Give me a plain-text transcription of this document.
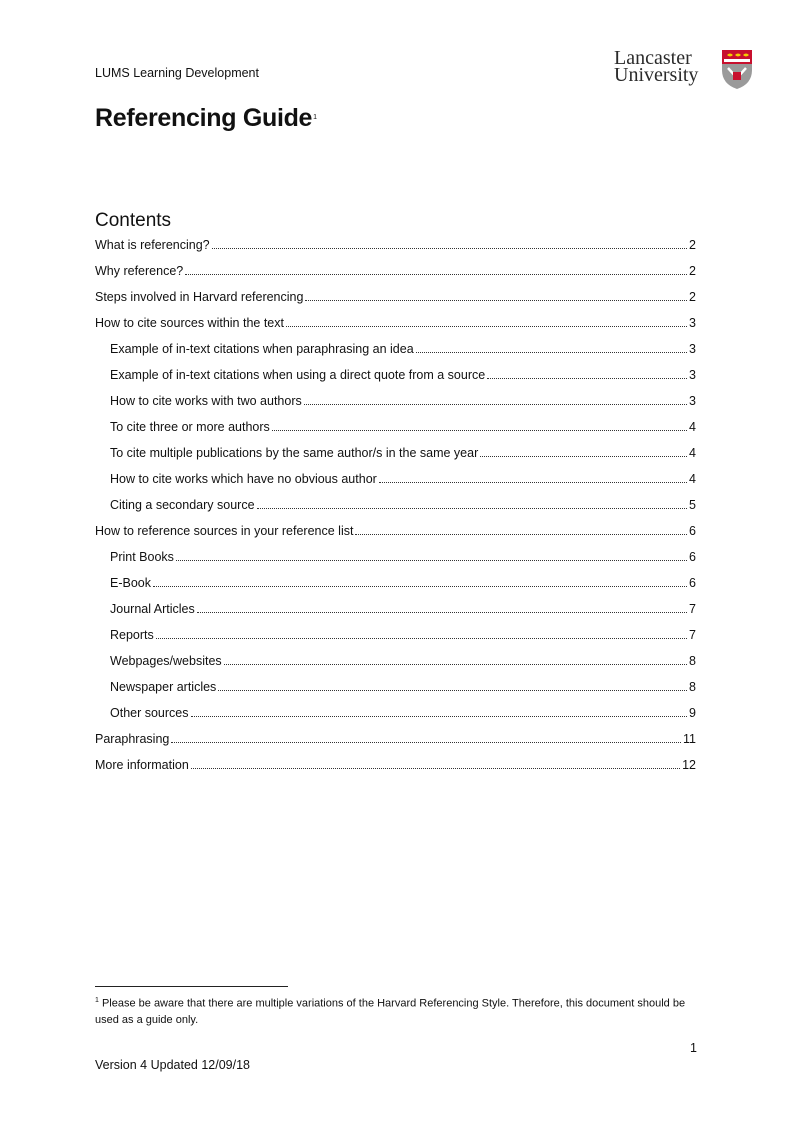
LUMS Learning Development
Lancaster
University
Referencing Guide$^1$
Contents
What is referencing?	2
Why reference?	2
Steps involved in Harvard referencing	2
How to cite sources within the text	3
Example of in-text citations when paraphrasing an idea	3
Example of in-text citations when using a direct quote from a source	3
How to cite works with two authors	3
To cite three or more authors	4
To cite multiple publications by the same author/s in the same year	4
How to cite works which have no obvious author	4
Citing a secondary source	5
How to reference sources in your reference list	6
Print Books	6
E-Book	6
Journal Articles	7
Reports	7
Webpages/websites	8
Newspaper articles	8
Other sources	9
Paraphrasing	11
More information	12
$^1$ Please be aware that there are multiple variations of the Harvard Referencing Style. Therefore, this document should be used as a guide only.
1
Version 4 Updated 12/09/18
